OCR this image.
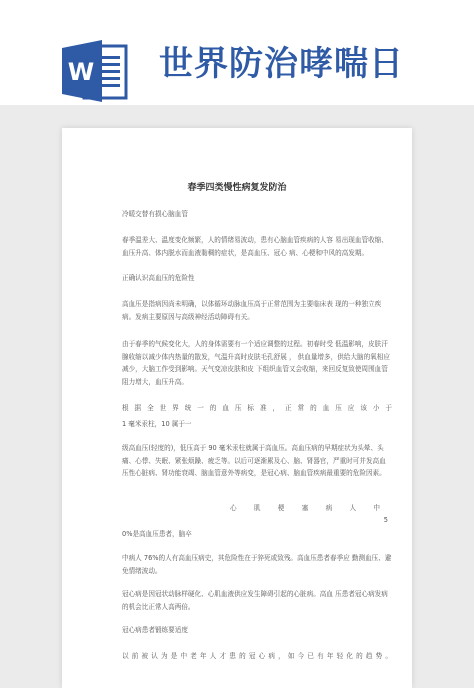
W 世界防治哮喘日
春季四类慢性病复发防治

冷暖交替有损心脑血管

春季温差大、温度变化频繁，人的情绪易波动，患有心脑血管疾病的人容 易出现血管收缩、血压升高、体内脱水而血液黏稠的症状，是高血压、冠心 病、心梗和中风的高发期。

正确认识高血压的危险性

高血压是指病因尚未明确，以体循环动脉血压高于正常范围为主要临床表 现的一种独立疾病。发病主要原因与高级神经活动障碍有关。

由于春季的气候变化大，人的身体需要有一个适应调整的过程。初春时受 低温影响，皮肤汗腺收缩以减少体内热量的散发，气温升高时皮肤毛孔舒展 ， 供血量增多，供给大脑的氧相应减少，大脑工作受到影响。天气变凉皮肤和皮 下组织血管又会收缩，来回反复致使周围血管阻力增大，血压升高。

根 据 全 世 界 统 一 的 血 压 标 准 ， 正 常 的 血 压 应 该 小 于

1 毫米汞柱，10 属于一

级高血压(轻度的)，低压高于 90 毫米汞柱就属于高血压。高血压病的早期症状为头晕、头痛、心悸、失眠、紧张烦躁、疲乏等。以后可逐渐累及心、脑、肾器官，严重时可并发高血压性心脏病、肾功能衰竭、脑血管意外等病变，是冠心病、脑血管疾病最重要的危险因素。

心 肌 梗 塞 病 人 中

5

0%是高血压患者，脑卒

中病人 76%的人有高血压病史，其危险性在于猝死或致残。高血压患者春季应 勤测血压、避免情绪波动。

冠心病是因冠状动脉样硬化、心肌血液供应发生障碍引起的心脏病。高血 压患者冠心病发病的机会比正常人高两倍。

冠心病患者锻练要适度

以 前 被 认 为 是 中 老 年 人 才 患 的 冠 心 病 ， 如 今 已 有 年 轻 化 的 趋 势 。
